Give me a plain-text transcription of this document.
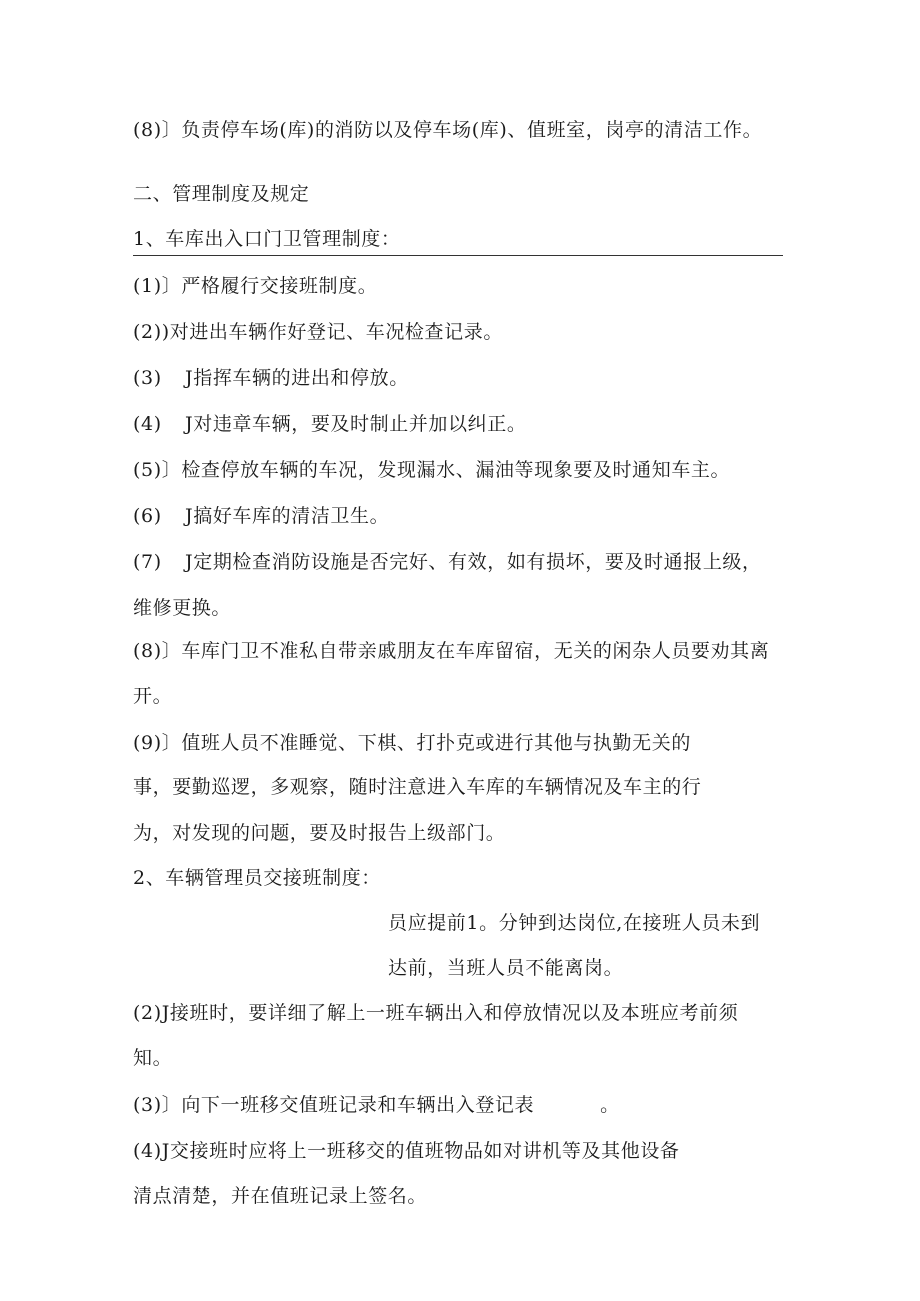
(8)〕负责停车场(库)的消防以及停车场(库)、值班室，岗亭的清洁工作。
二、管理制度及规定
1、车库出入口门卫管理制度：
(1)〕严格履行交接班制度。
(2))对进出车辆作好登记、车况检查记录。
(3) J指挥车辆的进出和停放。
(4) J对违章车辆，要及时制止并加以纠正。
(5)〕检查停放车辆的车况，发现漏水、漏油等现象要及时通知车主。
(6) J搞好车库的清洁卫生。
(7) J定期检查消防设施是否完好、有效，如有损坏，要及时通报上级，
维修更换。
(8)〕车库门卫不准私自带亲戚朋友在车库留宿，无关的闲杂人员要劝其离
开。
(9)〕值班人员不准睡觉、下棋、打扑克或进行其他与执勤无关的
事，要勤巡逻，多观察，随时注意进入车库的车辆情况及车主的行
为，对发现的问题，要及时报告上级部门。
2、车辆管理员交接班制度：
员应提前1。分钟到达岗位,在接班人员未到
达前，当班人员不能离岗。
(2)J接班时，要详细了解上一班车辆出入和停放情况以及本班应考前须
知。
(3)〕向下一班移交值班记录和车辆出入登记表	。
(4)J交接班时应将上一班移交的值班物品如对讲机等及其他设备
清点清楚，并在值班记录上签名。
